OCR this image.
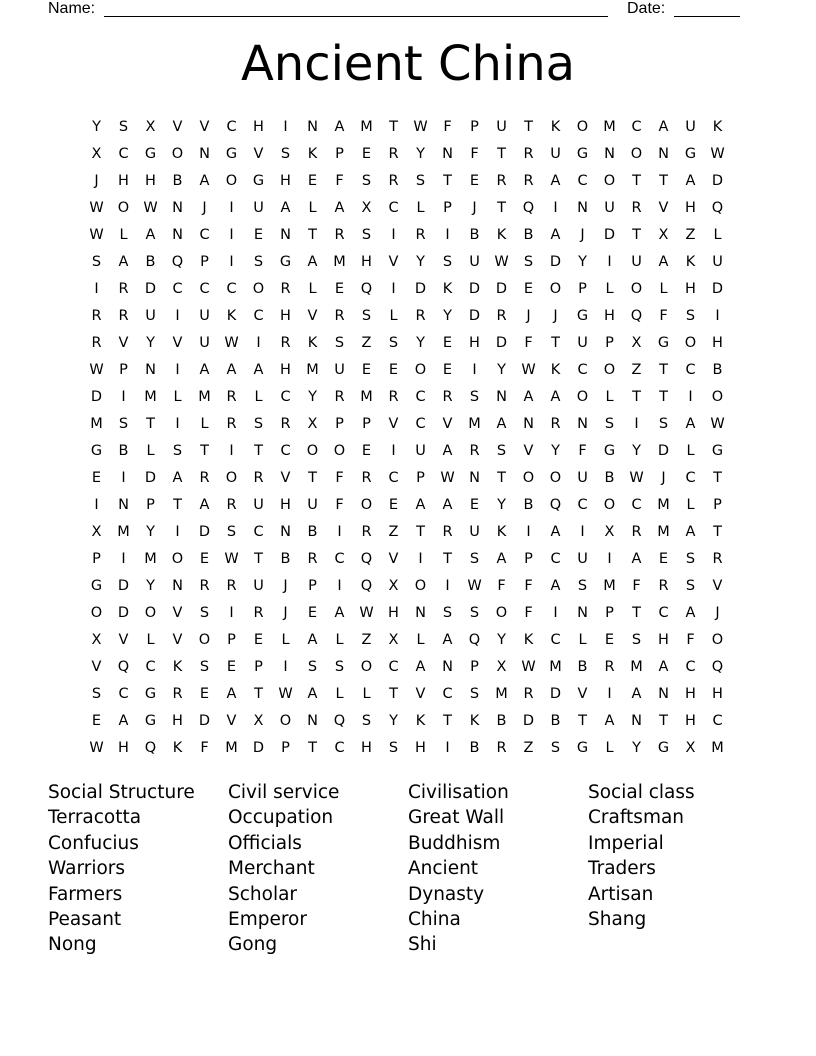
Name:	Date:
Ancient China
Y	S	X	V	V	C	H	I	N	A	M	T	W	F	P	U	T	K	O	M	C	A	U	K
X	C	G	O	N	G	V	S	K	P	E	R	Y	N	F	T	R	U	G	N	O	N	G W
J	H	H	B	A	O	G	H	E	F	S	R	S	T	E	R	R	A	C	O	T	T	A	D
W O W N	J	I	U	A	L	A	X	C	L	P	J	T	Q	I	N	U	R	V	H	Q
W	L	A	N	C	I	E	N	T	R	S	I	R	I	B	K	B	A	J	D	T	X	Z	L
S	A	B	Q	P	I	S	G	A	M	H	V	Y	S	U	W	S	D	Y	I	U	A	K	U
I	R	D	C	C	C	O	R	L	E	Q	I	D	K	D	D	E	O	P	L	O	L	H	D
R	R	U	I	U	K	C	H	V	R	S	L	R	Y	D	R	J	J	G	H	Q	F	S	I
R	V	Y	V	U	W	I	R	K	S	Z	S	Y	E	H	D	F	T	U	P	X	G	O	H
W	P	N	I	A	A	A	H	M	U	E	E	O	E	I	Y	W	K	C	O	Z	T	C	B
D	I	M	L	M	R	L	C	Y	R	M	R	C	R	S	N	A	A	O	L	T	T	I	O
M	S	T	I	L	R	S	R	X	P	P	V	C	V	M	A	N	R	N	S	I	S	A	W
G	B	L	S	T	I	T	C	O	O	E	I	U	A	R	S	V	Y	F	G	Y	D	L	G
E	I	D	A	R	O	R	V	T	F	R	C	P	W N	T	O	O	U	B	W	J	C	T
I	N	P	T	A	R	U	H	U	F	O	E	A	A	E	Y	B	Q	C	O	C	M	L	P
X	M	Y	I	D	S	C	N	B	I	R	Z	T	R	U	K	I	A	I	X	R	M	A	T
P	I	M	O	E	W	T	B	R	C	Q	V	I	T	S	A	P	C	U	I	A	E	S	R
G	D	Y	N	R	R	U	J	P	I	Q	X	O	I	W	F	F	A	S	M	F	R	S	V
O	D	O	V	S	I	R	J	E	A	W H	N	S	S	O	F	I	N	P	T	C	A	J
X	V	L	V	O	P	E	L	A	L	Z	X	L	A	Q	Y	K	C	L	E	S	H	F	O
V	Q	C	K	S	E	P	I	S	S	O	C	A	N	P	X	W M	B	R	M	A	C	Q
S	C	G	R	E	A	T	W	A	L	L	T	V	C	S	M	R	D	V	I	A	N	H	H
E	A	G	H	D	V	X	O	N	Q	S	Y	K	T	K	B	D	B	T	A	N	T	H	C
W H	Q	K	F	M	D	P	T	C	H	S	H	I	B	R	Z	S	G	L	Y	G	X	M
Social Structure
Terracotta
Confucius
Warriors
Farmers
Peasant
Nong
Civil service
Occupation
Officials
Merchant
Scholar
Emperor
Gong
Civilisation
Great Wall
Buddhism
Ancient
Dynasty
China
Shi
Social class
Craftsman
Imperial
Traders
Artisan
Shang
